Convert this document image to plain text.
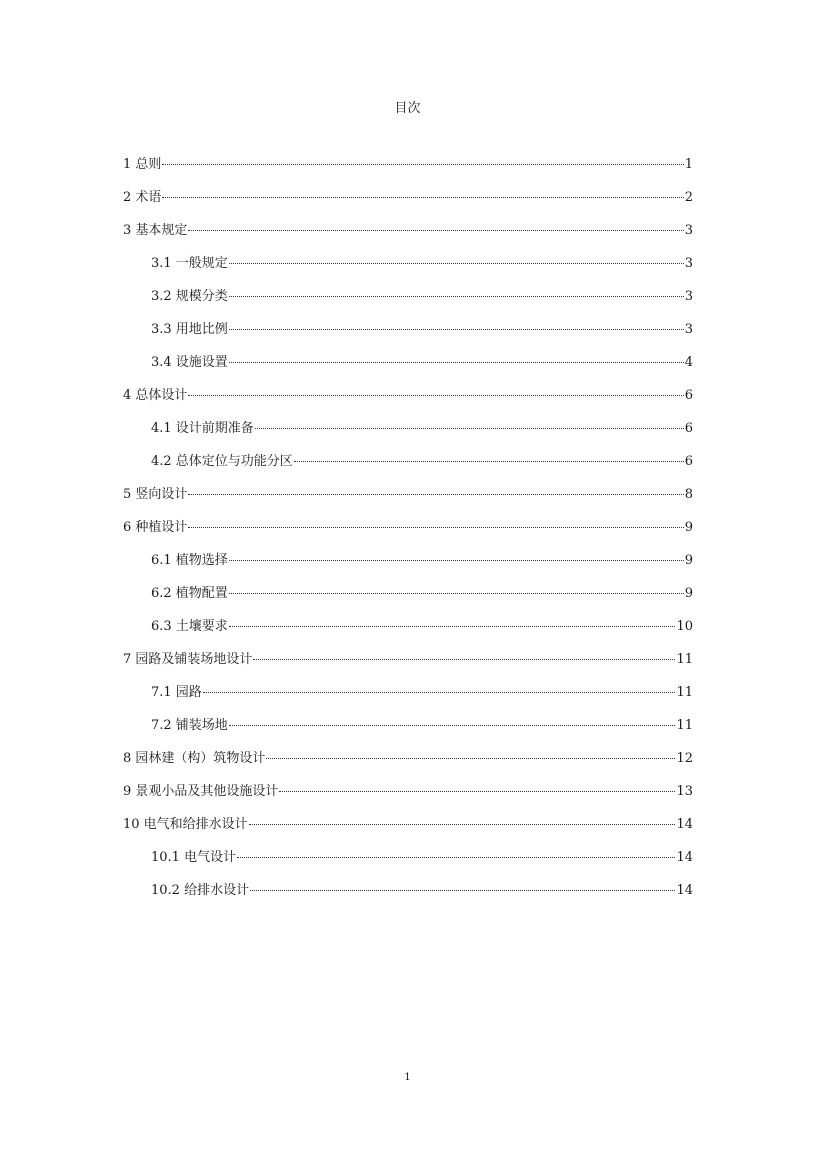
目次
1 总则	1
2 术语	2
3 基本规定	3
3.1 一般规定	3
3.2 规模分类	3
3.3 用地比例	3
3.4 设施设置	4
4 总体设计	6
4.1 设计前期准备	6
4.2 总体定位与功能分区	6
5 竖向设计	8
6 种植设计	9
6.1 植物选择	9
6.2 植物配置	9
6.3 土壤要求	10
7 园路及铺装场地设计	11
7.1 园路	11
7.2 铺装场地	11
8 园林建（构）筑物设计	12
9 景观小品及其他设施设计	13
10 电气和给排水设计	14
10.1 电气设计	14
10.2 给排水设计	14
1
